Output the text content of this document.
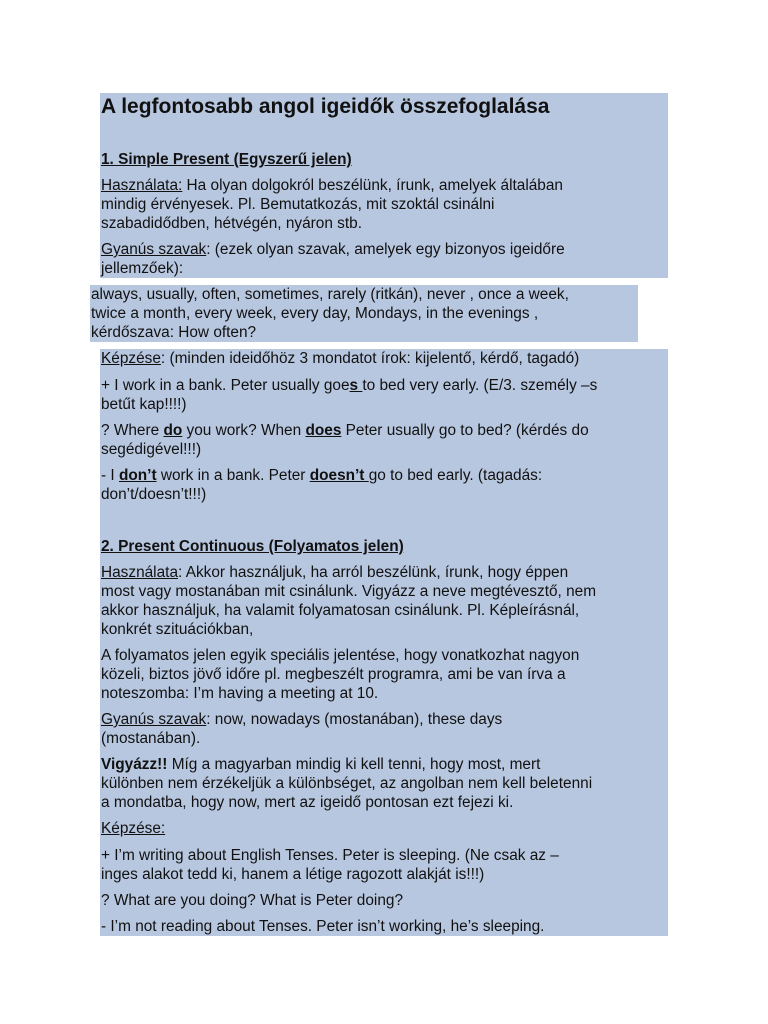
A legfontosabb angol igeidők összefoglalása
1. Simple Present (Egyszerű jelen)
Használata: Ha olyan dolgokról beszélünk, írunk, amelyek általában
mindig érvényesek. Pl. Bemutatkozás, mit szoktál csinálni
szabadidődben, hétvégén, nyáron stb.
Gyanús szavak: (ezek olyan szavak, amelyek egy bizonyos igeidőre
jellemzőek):
always, usually, often, sometimes, rarely (ritkán), never , once a week,
twice a month, every week, every day, Mondays, in the evenings ,
kérdőszava: How often?
Képzése: (minden ideidőhöz 3 mondatot írok: kijelentő, kérdő, tagadó)
+ I work in a bank. Peter usually goes to bed very early. (E/3. személy –s
betűt kap!!!!)
? Where do you work? When does Peter usually go to bed? (kérdés do
segédigével!!!)
- I don’t work in a bank. Peter doesn’t go to bed early. (tagadás:
don’t/doesn’t!!!)
2. Present Continuous (Folyamatos jelen)
Használata: Akkor használjuk, ha arról beszélünk, írunk, hogy éppen
most vagy mostanában mit csinálunk. Vigyázz a neve megtévesztő, nem
akkor használjuk, ha valamit folyamatosan csinálunk. Pl. Képleírásnál,
konkrét szituációkban,
A folyamatos jelen egyik speciális jelentése, hogy vonatkozhat nagyon
közeli, biztos jövő időre pl. megbeszélt programra, ami be van írva a
noteszomba: I’m having a meeting at 10.
Gyanús szavak: now, nowadays (mostanában), these days
(mostanában).
Vigyázz!! Míg a magyarban mindig ki kell tenni, hogy most, mert
különben nem érzékeljük a különbséget, az angolban nem kell beletenni
a mondatba, hogy now, mert az igeidő pontosan ezt fejezi ki.
Képzése:
+ I’m writing about English Tenses. Peter is sleeping. (Ne csak az –
inges alakot tedd ki, hanem a létige ragozott alakját is!!!)
? What are you doing? What is Peter doing?
- I’m not reading about Tenses. Peter isn’t working, he’s sleeping.
